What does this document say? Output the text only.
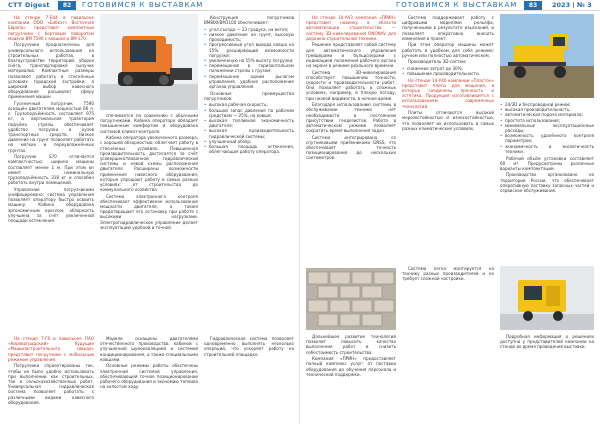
CTT Digest	82	ГОТОВИМСЯ К ВЫСТАВКАМ	ГОТОВИМСЯ К ВЫСТАВКАМ	83	2023 | № 3

На стенде 7-Б44 в павильоне компании ООО «Бобкэт» Восточная Европа» представит компактные погрузчики с бортовым поворотом модели BM T590 с ковшом и BM S70.

Погрузчики предназначены для универсального использования на строительных работах, в благоустройстве территорий, уборке снега, транспортировке сыпучих материалов. Компактные размеры позволяют работать в стеснённых условиях городской застройки, а широкий выбор навесного оборудования расширяет сферу применения машин.

Гусеничный погрузчик T590 оснащён двигателем мощностью 66 л. с. Грузоподъёмность составляет 975 кг, а вертикальная траектория подъёма стрелы обеспечивает удобство погрузки в кузов транспортных средств. Низкое давление на грунт позволяет работать на мягких и переувлажнённых грунтах.

Погрузчик S70 отличается компактностью: ширина машины составляет менее 1 м. При этом он имеет номинальную грузоподъёмность 318 кг и способен работать внутри помещений.

Управление погрузчиками унифицировано: система управления позволяет оператору быстро освоить машину. Кабина оборудована эргономичным креслом, обзорность улучшена за счёт увеличенной площади остекления.

спечивается по сравнению с обычными погрузчиками. Кабина оператора обладает повышенным комфортом и оборудована системой климат-контроля.

Кабина оператора увеличенного размера, с хорошей обзорностью, облегчает работу в стеснённых условиях. Повышенная производительность достигается за счёт усовершенствованной гидравлической системы и новой схемы расположения двигателя. Расширены возможности применения навесного оборудования, которые упрощают работу в самых разных условиях: от строительства до коммунального хозяйства.

Система электронного контроля обеспечивает эффективное использование мощности двигателя, а также предотвращает его остановку при работе с высокими нагрузками. Электрогидравлическое управление делает эксплуатацию удобной и точной.

Конструкция погрузчиков BM800/BM1100 обеспечивает:

• угол съезда — 23 градуса, на ветке;
• низкое давление на грунт, высокую проходимость;
• прогрессивный угол вывода ковша на 15%, расширяющий возможности погрузки;
• увеличенную на 15% высоту погрузки;
• перемещение в горизонтальном положении стрелы с грузом;
• перемещение одним рычагом управления, удобное расположение органов управления.

Основные преимущества погрузчиков:

• высокая рабочая скорость;
• большой запас давления по рабочим средствам — 25%, на ковше;
• высокая топливная экономичность двигателя;
• высокая производительность гидравлической системы;
• улучшенный обзор;
• большая площадь остекления, облегчающая работу оператора.

На стенде 7-Г6 в павильоне ПАО «Кировоградский» будущие «Машиностроительного завода» представит погрузчики с мобильным режимом управления.

Погрузчики спроектированы так, чтобы их было удобно использовать при выполнении как строительных, так и сельскохозяйственных работ. Универсальная гидравлическая система позволяет работать с различными видами навесного оборудования.

Модели оснащены двигателями отечественного производства, кабиной с улучшенной шумоизоляцией и системой кондиционирования, а также специальными ковшами.

Основные режимы работы обеспечены электронной системой управления, обеспечивающей точное позиционирование рабочего оборудования и экономию топлива на холостом ходу.

Гидравлическая система позволяет одновременно выполнять несколько операций, что ускоряет работу на строительной площадке.

На стенде 10-А43 компания «ПРИН» представит новинку в области автоматизации строительства — систему 3D-нивелирования ONONAV для дорожно-строительной техники.

Решение представляет собой систему для автоматического управления грейдерами и бульдозерами с индикацией положения рабочего органа на экране в режиме реального времени.

Система 3D-нивелирования способствует повышению точности, скорости и производительности работ. Она позволяет работать в сложных условиях, например, в плохую погоду, при низкой видимости, в ночное время.

Благодаря использованию системы в обслуживании техники нет необходимости в постоянном присутствии геодезистов. Работа в автоматическом режиме позволяет сократить время выполнения задач.

Система интегрирована со спутниковыми приёмниками GNSS, что обеспечивает точность позиционирования до нескольких сантиметров.

Система поддерживает работу с цифровыми моделями рельефа, полученными в результате изысканий, и позволяет оперативно вносить изменения в проект.

При этом оператор машины может работать в удобном для себя режиме: ручном или полностью автоматическом.

Производитель 3D-систем:

• снижение затрат до 30%;
• повышение производительности.

На стенде 14-У40 компании «Пластон» представит плиты для мощения, в которых соединены прочность и эстетика. Продукция изготавливается с использованием современных технологий.

Плиты отличаются высокой морозостойкостью и износостойкостью, что позволяет их использовать в самых разных климатических условиях.

• 2d/3D и беспроводной режим;
• высокая производительность;
• автоматическая подача материала;
• простота использования;
• минимальные эксплуатационные расходы;
• возможность удалённого контроля параметров;
• экономичность и экологичность техники.

Рабочий объём установки составляет 60 м³. Предусмотрены различные варианты комплектации.

Производство организовано на территории России, что обеспечивает оперативную поставку запасных частей и сервисное обслуживание.

Дальнейшее развитие технологий позволит повысить качество выполнения работ и снизить себестоимость строительства.

Компания «ПРИН» предоставляет полный комплекс услуг: от поставки оборудования до обучения персонала и технической поддержки.

Система легко монтируется на технику разных производителей и не требует сложной настройки.

Подробная информация о решениях доступна у представителей компании на стенде во время проведения выставки.
